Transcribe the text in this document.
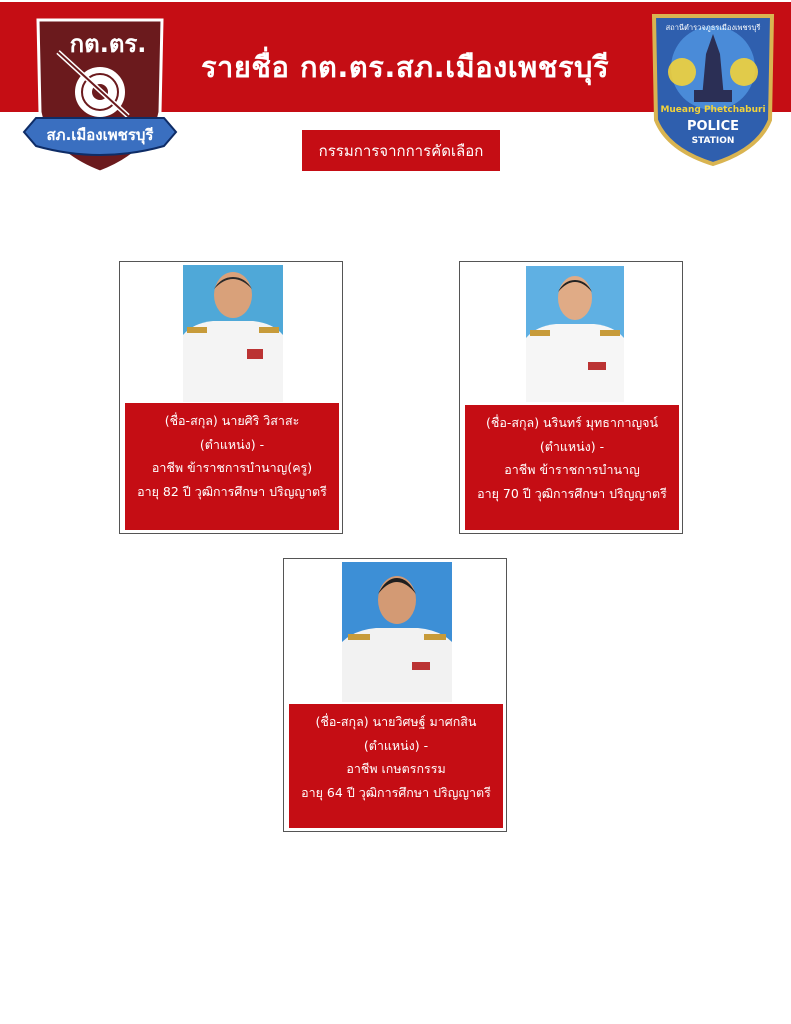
กต.ตร.
สภ.เมืองเพชรบุรี
รายชื่อ กต.ตร.สภ.เมืองเพชรบุรี
สถานีตำรวจภูธรเมืองเพชรบุรี
Mueang Phetchaburi
POLICE
STATION
กรรมการจากการคัดเลือก
(ชื่อ-สกุล) นายศิริ วิสาสะ
(ตำแหน่ง) -
อาชีพ ข้าราชการบำนาญ(ครู)
อายุ 82 ปี วุฒิการศึกษา ปริญญาตรี
(ชื่อ-สกุล) นรินทร์ มุทธากาญจน์
(ตำแหน่ง) -
อาชีพ ข้าราชการบำนาญ
อายุ 70 ปี วุฒิการศึกษา ปริญญาตรี
(ชื่อ-สกุล) นายวิศษฐ์ มาศกสิน
(ตำแหน่ง) -
อาชีพ เกษตรกรรม
อายุ 64 ปี วุฒิการศึกษา ปริญญาตรี
